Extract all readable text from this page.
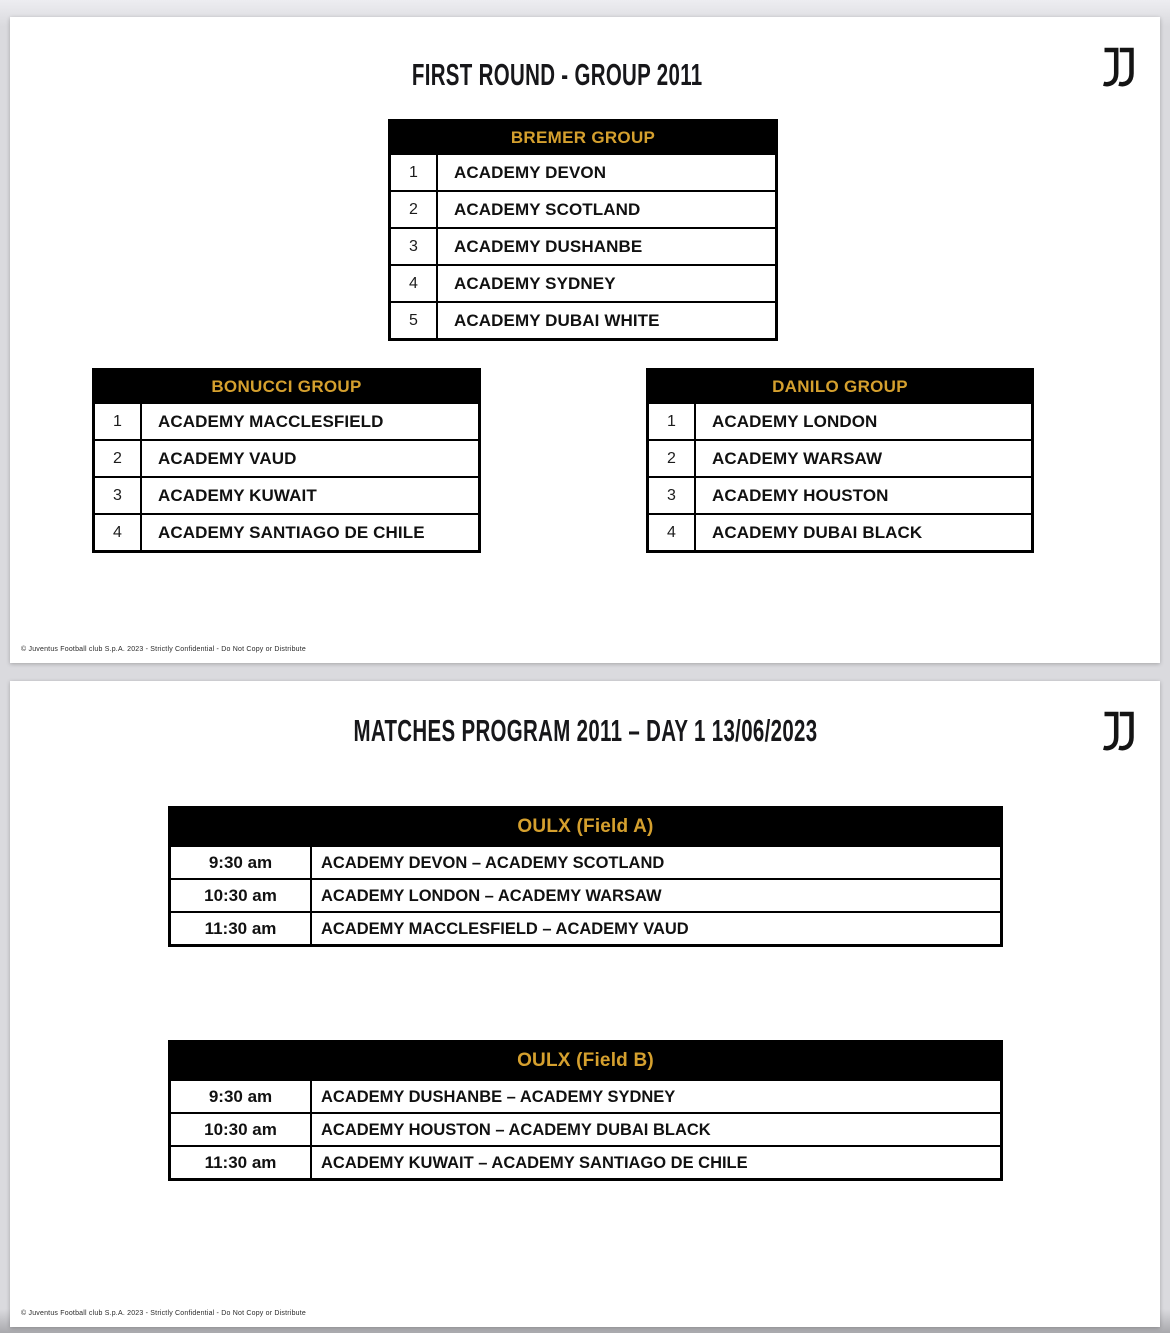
FIRST ROUND - GROUP 2011
BREMER GROUP
1	ACADEMY DEVON
2	ACADEMY SCOTLAND
3	ACADEMY DUSHANBE
4	ACADEMY SYDNEY
5	ACADEMY DUBAI WHITE
BONUCCI GROUP
1	ACADEMY MACCLESFIELD
2	ACADEMY VAUD
3	ACADEMY KUWAIT
4	ACADEMY SANTIAGO DE CHILE
DANILO GROUP
1	ACADEMY LONDON
2	ACADEMY WARSAW
3	ACADEMY HOUSTON
4	ACADEMY DUBAI BLACK
© Juventus Football club S.p.A. 2023 - Strictly Confidential - Do Not Copy or Distribute
MATCHES PROGRAM 2011 – DAY 1 13/06/2023
OULX (Field A)
9:30 am	ACADEMY DEVON – ACADEMY SCOTLAND
10:30 am	ACADEMY LONDON – ACADEMY WARSAW
11:30 am	ACADEMY MACCLESFIELD – ACADEMY VAUD
OULX (Field B)
9:30 am	ACADEMY DUSHANBE – ACADEMY SYDNEY
10:30 am	ACADEMY HOUSTON – ACADEMY DUBAI BLACK
11:30 am	ACADEMY KUWAIT – ACADEMY SANTIAGO DE CHILE
© Juventus Football club S.p.A. 2023 - Strictly Confidential - Do Not Copy or Distribute
